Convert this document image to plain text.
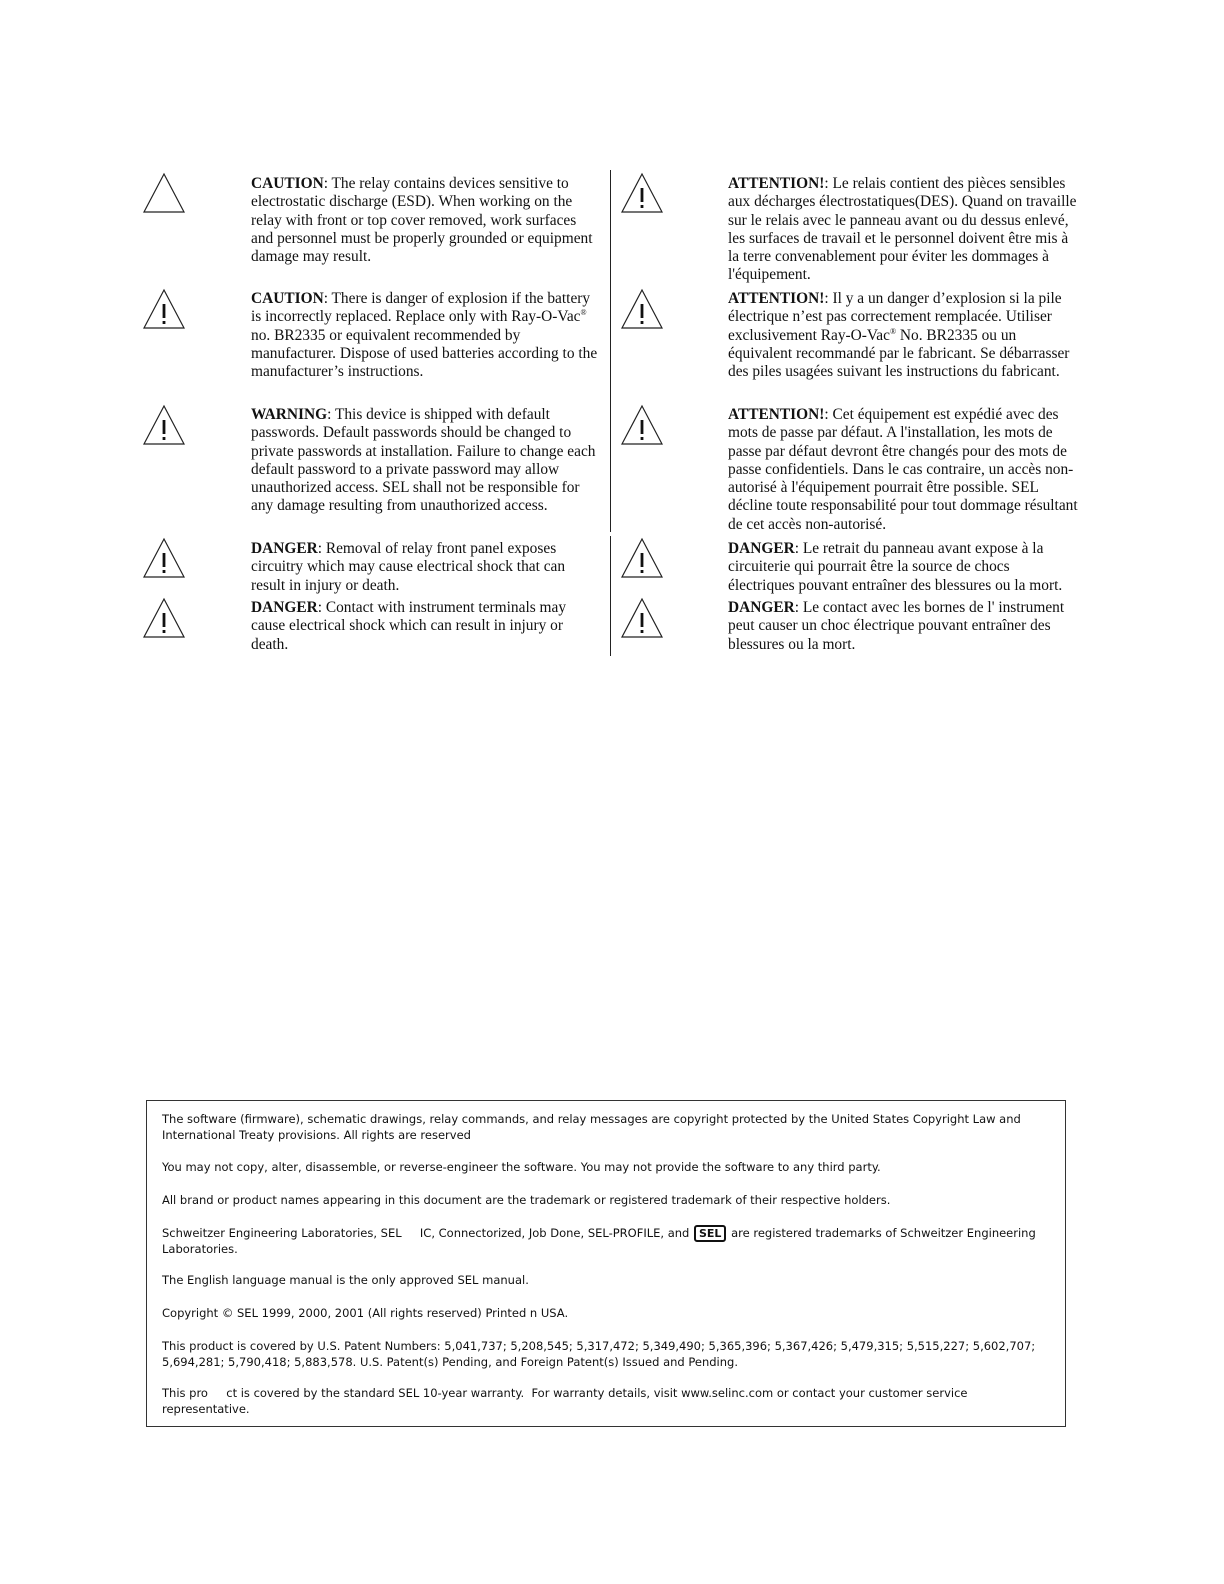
CAUTION: The relay contains devices sensitive to electrostatic discharge (ESD). When working on the relay with front or top cover removed, work surfaces and personnel must be properly grounded or equipment damage may result.
CAUTION: There is danger of explosion if the battery is incorrectly replaced. Replace only with Ray-O-Vac® no. BR2335 or equivalent recommended by manufacturer. Dispose of used batteries according to the manufacturer’s instructions.
WARNING: This device is shipped with default passwords. Default passwords should be changed to private passwords at installation. Failure to change each default password to a private password may allow unauthorized access. SEL shall not be responsible for any damage resulting from unauthorized access.
DANGER: Removal of relay front panel exposes circuitry which may cause electrical shock that can result in injury or death.
DANGER: Contact with instrument terminals may cause electrical shock which can result in injury or death.
ATTENTION!: Le relais contient des pièces sensibles aux décharges électrostatiques(DES). Quand on travaille sur le relais avec le panneau avant ou du dessus enlevé, les surfaces de travail et le personnel doivent être mis à la terre convenablement pour éviter les dommages à l'équipement.
ATTENTION!: Il y a un danger d’explosion si la pile électrique n’est pas correctement remplacée. Utiliser exclusivement Ray-O-Vac® No. BR2335 ou un équivalent recommandé par le fabricant. Se débarrasser des piles usagées suivant les instructions du fabricant.
ATTENTION!: Cet équipement est expédié avec des mots de passe par défaut. A l'installation, les mots de passe par défaut devront être changés pour des mots de passe confidentiels. Dans le cas contraire, un accès non-autorisé à l'équipement pourrait être possible. SEL décline toute responsabilité pour tout dommage résultant de cet accès non-autorisé.
DANGER: Le retrait du panneau avant expose à la circuiterie qui pourrait être la source de chocs électriques pouvant entraîner des blessures ou la mort.
DANGER: Le contact avec les bornes de l' instrument peut causer un choc électrique pouvant entraîner des blessures ou la mort.

The software (firmware), schematic drawings, relay commands, and relay messages are copyright protected by the United States Copyright Law and International Treaty provisions. All rights are reserved

You may not copy, alter, disassemble, or reverse-engineer the software. You may not provide the software to any third party.

All brand or product names appearing in this document are the trademark or registered trademark of their respective holders.

Schweitzer Engineering Laboratories, SEL     IC, Connectorized, Job Done, SEL-PROFILE, and SEL are registered trademarks of Schweitzer Engineering Laboratories.

The English language manual is the only approved SEL manual.

Copyright © SEL 1999, 2000, 2001 (All rights reserved) Printed n USA.

This product is covered by U.S. Patent Numbers: 5,041,737; 5,208,545; 5,317,472; 5,349,490; 5,365,396; 5,367,426; 5,479,315; 5,515,227; 5,602,707; 5,694,281; 5,790,418; 5,883,578. U.S. Patent(s) Pending, and Foreign Patent(s) Issued and Pending.

This pro     ct is covered by the standard SEL 10-year warranty.  For warranty details, visit www.selinc.com or contact your customer service representative.
